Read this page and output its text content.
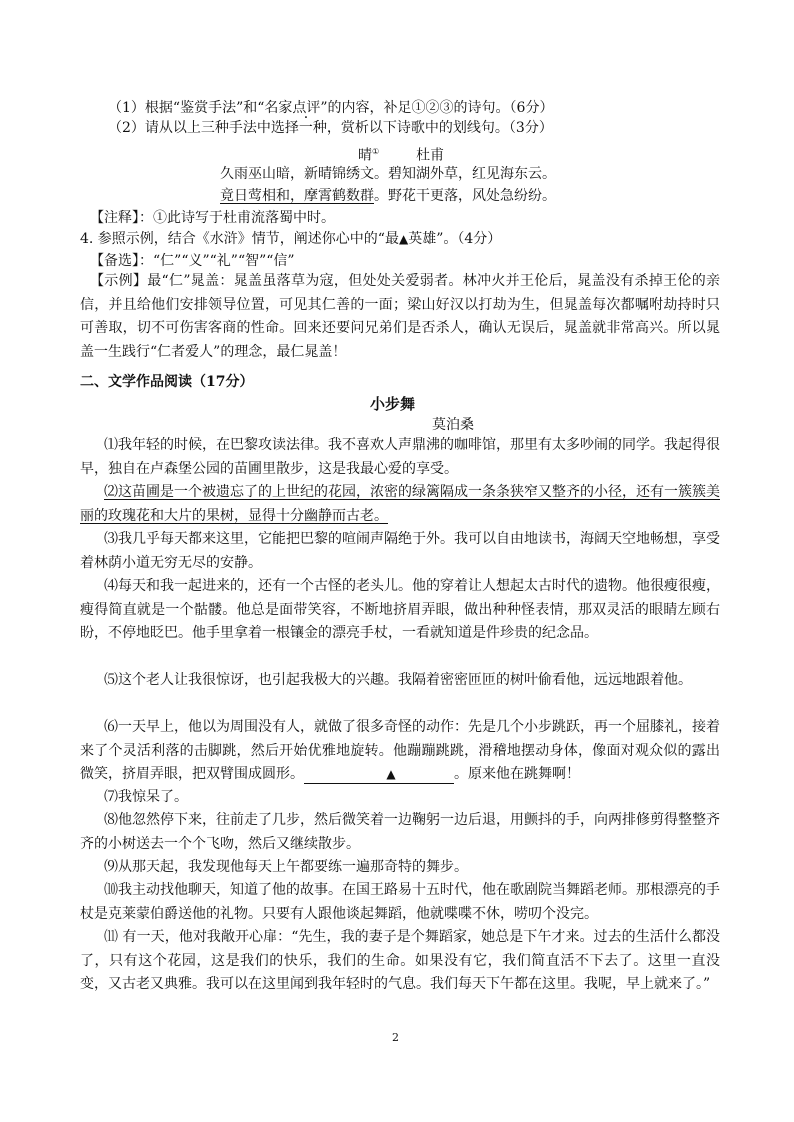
（1）根据“鉴赏手法”和“名家点评”的内容，补足①②③的诗句。（6分）
（2）请从以上三种手法中选择一种，赏析以下诗歌中的划线句。（3分）
晴①	杜甫
久雨巫山暗，新晴锦绣文。碧知湖外草，红见海东云。
竟日莺相和，摩霄鹤数群。野花干更落，风处急纷纷。
【注释】：①此诗写于杜甫流落蜀中时。
4. 参照示例，结合《水浒》情节，阐述你心中的“最▲英雄”。（4分）
【备选】：“仁”“义”“礼”“智”“信”
【示例】最“仁”晁盖：晁盖虽落草为寇，但处处关爱弱者。林冲火并王伦后，晁盖没有杀掉王伦的亲信，并且给他们安排领导位置，可见其仁善的一面；梁山好汉以打劫为生，但晁盖每次都嘱咐劫持时只可善取，切不可伤害客商的性命。回来还要问兄弟们是否杀人，确认无误后，晁盖就非常高兴。所以晁盖一生践行“仁者爱人”的理念，最仁晁盖！
二、文学作品阅读（17分）
小步舞
莫泊桑
⑴我年轻的时候，在巴黎攻读法律。我不喜欢人声鼎沸的咖啡馆，那里有太多吵闹的同学。我起得很早，独自在卢森堡公园的苗圃里散步，这是我最心爱的享受。
⑵这苗圃是一个被遗忘了的上世纪的花园，浓密的绿篱隔成一条条狭窄又整齐的小径，还有一簇簇美丽的玫瑰花和大片的果树，显得十分幽静而古老。
⑶我几乎每天都来这里，它能把巴黎的喧闹声隔绝于外。我可以自由地读书，海阔天空地畅想，享受着林荫小道无穷无尽的安静。
⑷每天和我一起进来的，还有一个古怪的老头儿。他的穿着让人想起太古时代的遗物。他很瘦很瘦，瘦得简直就是一个骷髅。他总是面带笑容，不断地挤眉弄眼，做出种种怪表情，那双灵活的眼睛左顾右盼，不停地眨巴。他手里拿着一根镶金的漂亮手杖，一看就知道是件珍贵的纪念品。
⑸这个老人让我很惊讶，也引起我极大的兴趣。我隔着密密匝匝的树叶偷看他，远远地跟着他。
⑹一天早上，他以为周围没有人，就做了很多奇怪的动作：先是几个小步跳跃，再一个屈膝礼，接着来了个灵活利落的击脚跳，然后开始优雅地旋转。他蹦蹦跳跳，滑稽地摆动身体，像面对观众似的露出微笑，挤眉弄眼，把双臂围成圆形。	▲	。原来他在跳舞啊！
⑺我惊呆了。
⑻他忽然停下来，往前走了几步，然后微笑着一边鞠躬一边后退，用颤抖的手，向两排修剪得整整齐齐的小树送去一个个飞吻，然后又继续散步。
⑼从那天起，我发现他每天上午都要练一遍那奇特的舞步。
⑽我主动找他聊天，知道了他的故事。在国王路易十五时代，他在歌剧院当舞蹈老师。那根漂亮的手杖是克莱蒙伯爵送他的礼物。只要有人跟他谈起舞蹈，他就喋喋不休，唠叨个没完。
⑾ 有一天，他对我敞开心扉：“先生，我的妻子是个舞蹈家，她总是下午才来。过去的生活什么都没了，只有这个花园，这是我们的快乐，我们的生命。如果没有它，我们简直活不下去了。这里一直没变，又古老又典雅。我可以在这里闻到我年轻时的气息。我们每天下午都在这里。我呢，早上就来了。”
2
